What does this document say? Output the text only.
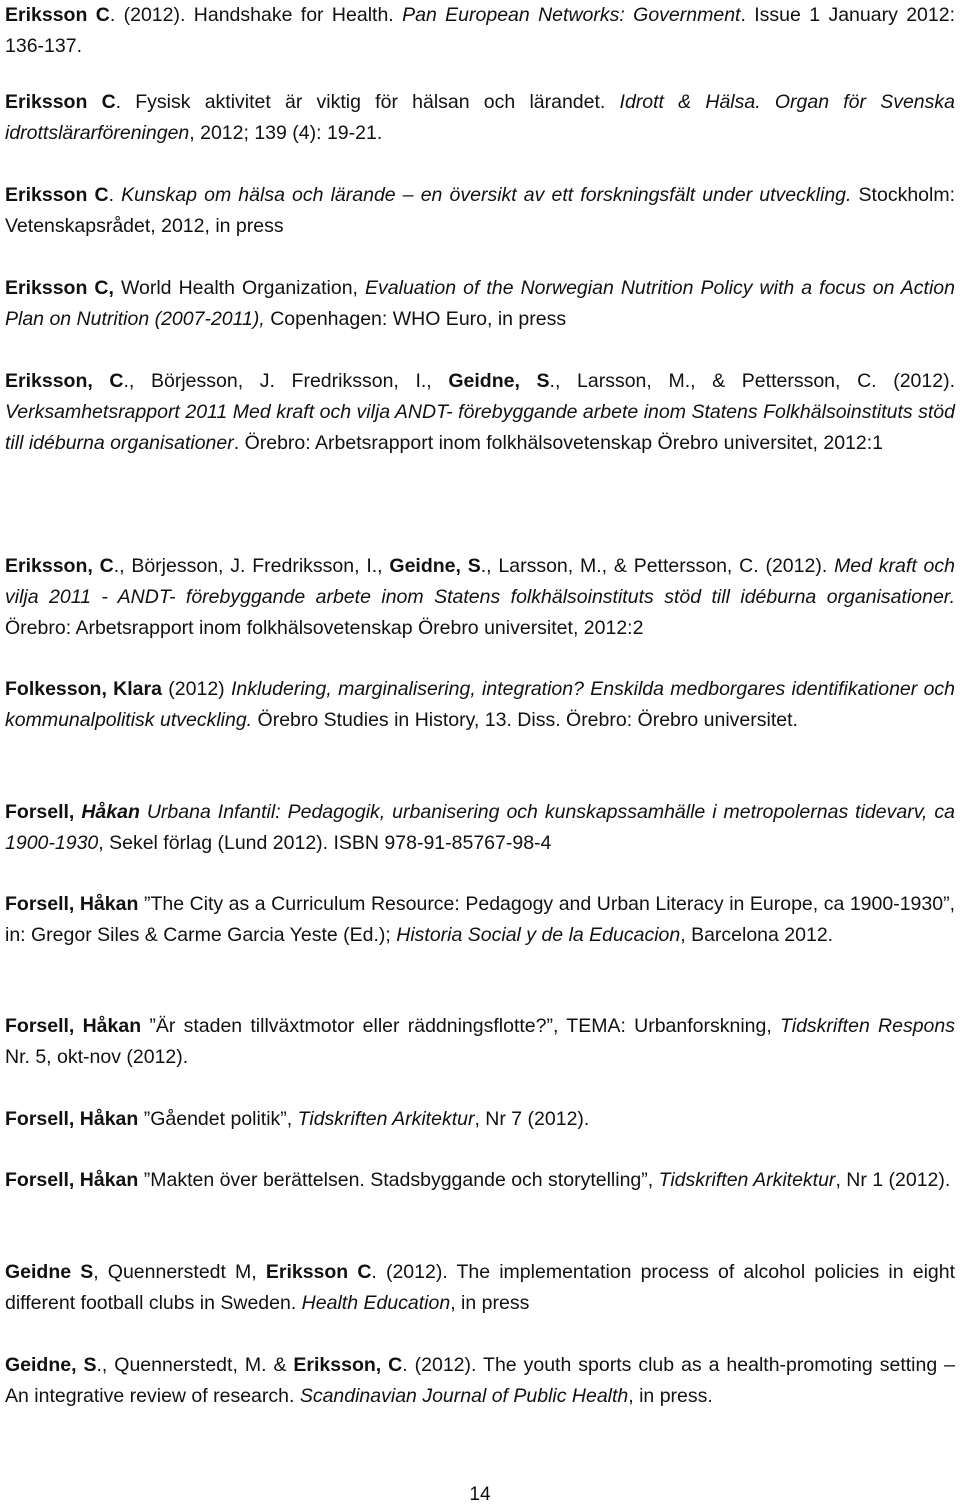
Eriksson C. (2012). Handshake for Health. Pan European Networks: Government. Issue 1 January 2012: 136-137.

Eriksson C. Fysisk aktivitet är viktig för hälsan och lärandet. Idrott & Hälsa. Organ för Svenska idrottslärarföreningen, 2012; 139 (4): 19-21.

Eriksson C. Kunskap om hälsa och lärande – en översikt av ett forskningsfält under utveckling. Stockholm: Vetenskapsrådet, 2012, in press

Eriksson C, World Health Organization, Evaluation of the Norwegian Nutrition Policy with a focus on Action Plan on Nutrition (2007-2011), Copenhagen: WHO Euro, in press

Eriksson, C., Börjesson, J. Fredriksson, I., Geidne, S., Larsson, M., & Pettersson, C. (2012). Verksamhetsrapport 2011 Med kraft och vilja ANDT- förebyggande arbete inom Statens Folkhälsoinstituts stöd till idéburna organisationer. Örebro: Arbetsrapport inom folkhälsovetenskap Örebro universitet, 2012:1

Eriksson, C., Börjesson, J. Fredriksson, I., Geidne, S., Larsson, M., & Pettersson, C. (2012). Med kraft och vilja 2011 - ANDT- förebyggande arbete inom Statens folkhälsoinstituts stöd till idéburna organisationer. Örebro: Arbetsrapport inom folkhälsovetenskap Örebro universitet, 2012:2

Folkesson, Klara (2012) Inkludering, marginalisering, integration? Enskilda medborgares identifikationer och kommunalpolitisk utveckling. Örebro Studies in History, 13. Diss. Örebro: Örebro universitet.

Forsell, Håkan Urbana Infantil: Pedagogik, urbanisering och kunskapssamhälle i metropolernas tidevarv, ca 1900-1930, Sekel förlag (Lund 2012). ISBN 978-91-85767-98-4

Forsell, Håkan ”The City as a Curriculum Resource: Pedagogy and Urban Literacy in Europe, ca 1900-1930”, in: Gregor Siles & Carme Garcia Yeste (Ed.); Historia Social y de la Educacion, Barcelona 2012.

Forsell, Håkan ”Är staden tillväxtmotor eller räddningsflotte?”, TEMA: Urbanforskning, Tidskriften Respons Nr. 5, okt-nov (2012).

Forsell, Håkan ”Gåendet politik”, Tidskriften Arkitektur, Nr 7 (2012).

Forsell, Håkan ”Makten över berättelsen. Stadsbyggande och storytelling”, Tidskriften Arkitektur, Nr 1 (2012).

Geidne S, Quennerstedt M, Eriksson C. (2012). The implementation process of alcohol policies in eight different football clubs in Sweden. Health Education, in press

Geidne, S., Quennerstedt, M. & Eriksson, C. (2012). The youth sports club as a health-promoting setting – An integrative review of research. Scandinavian Journal of Public Health, in press.

14
